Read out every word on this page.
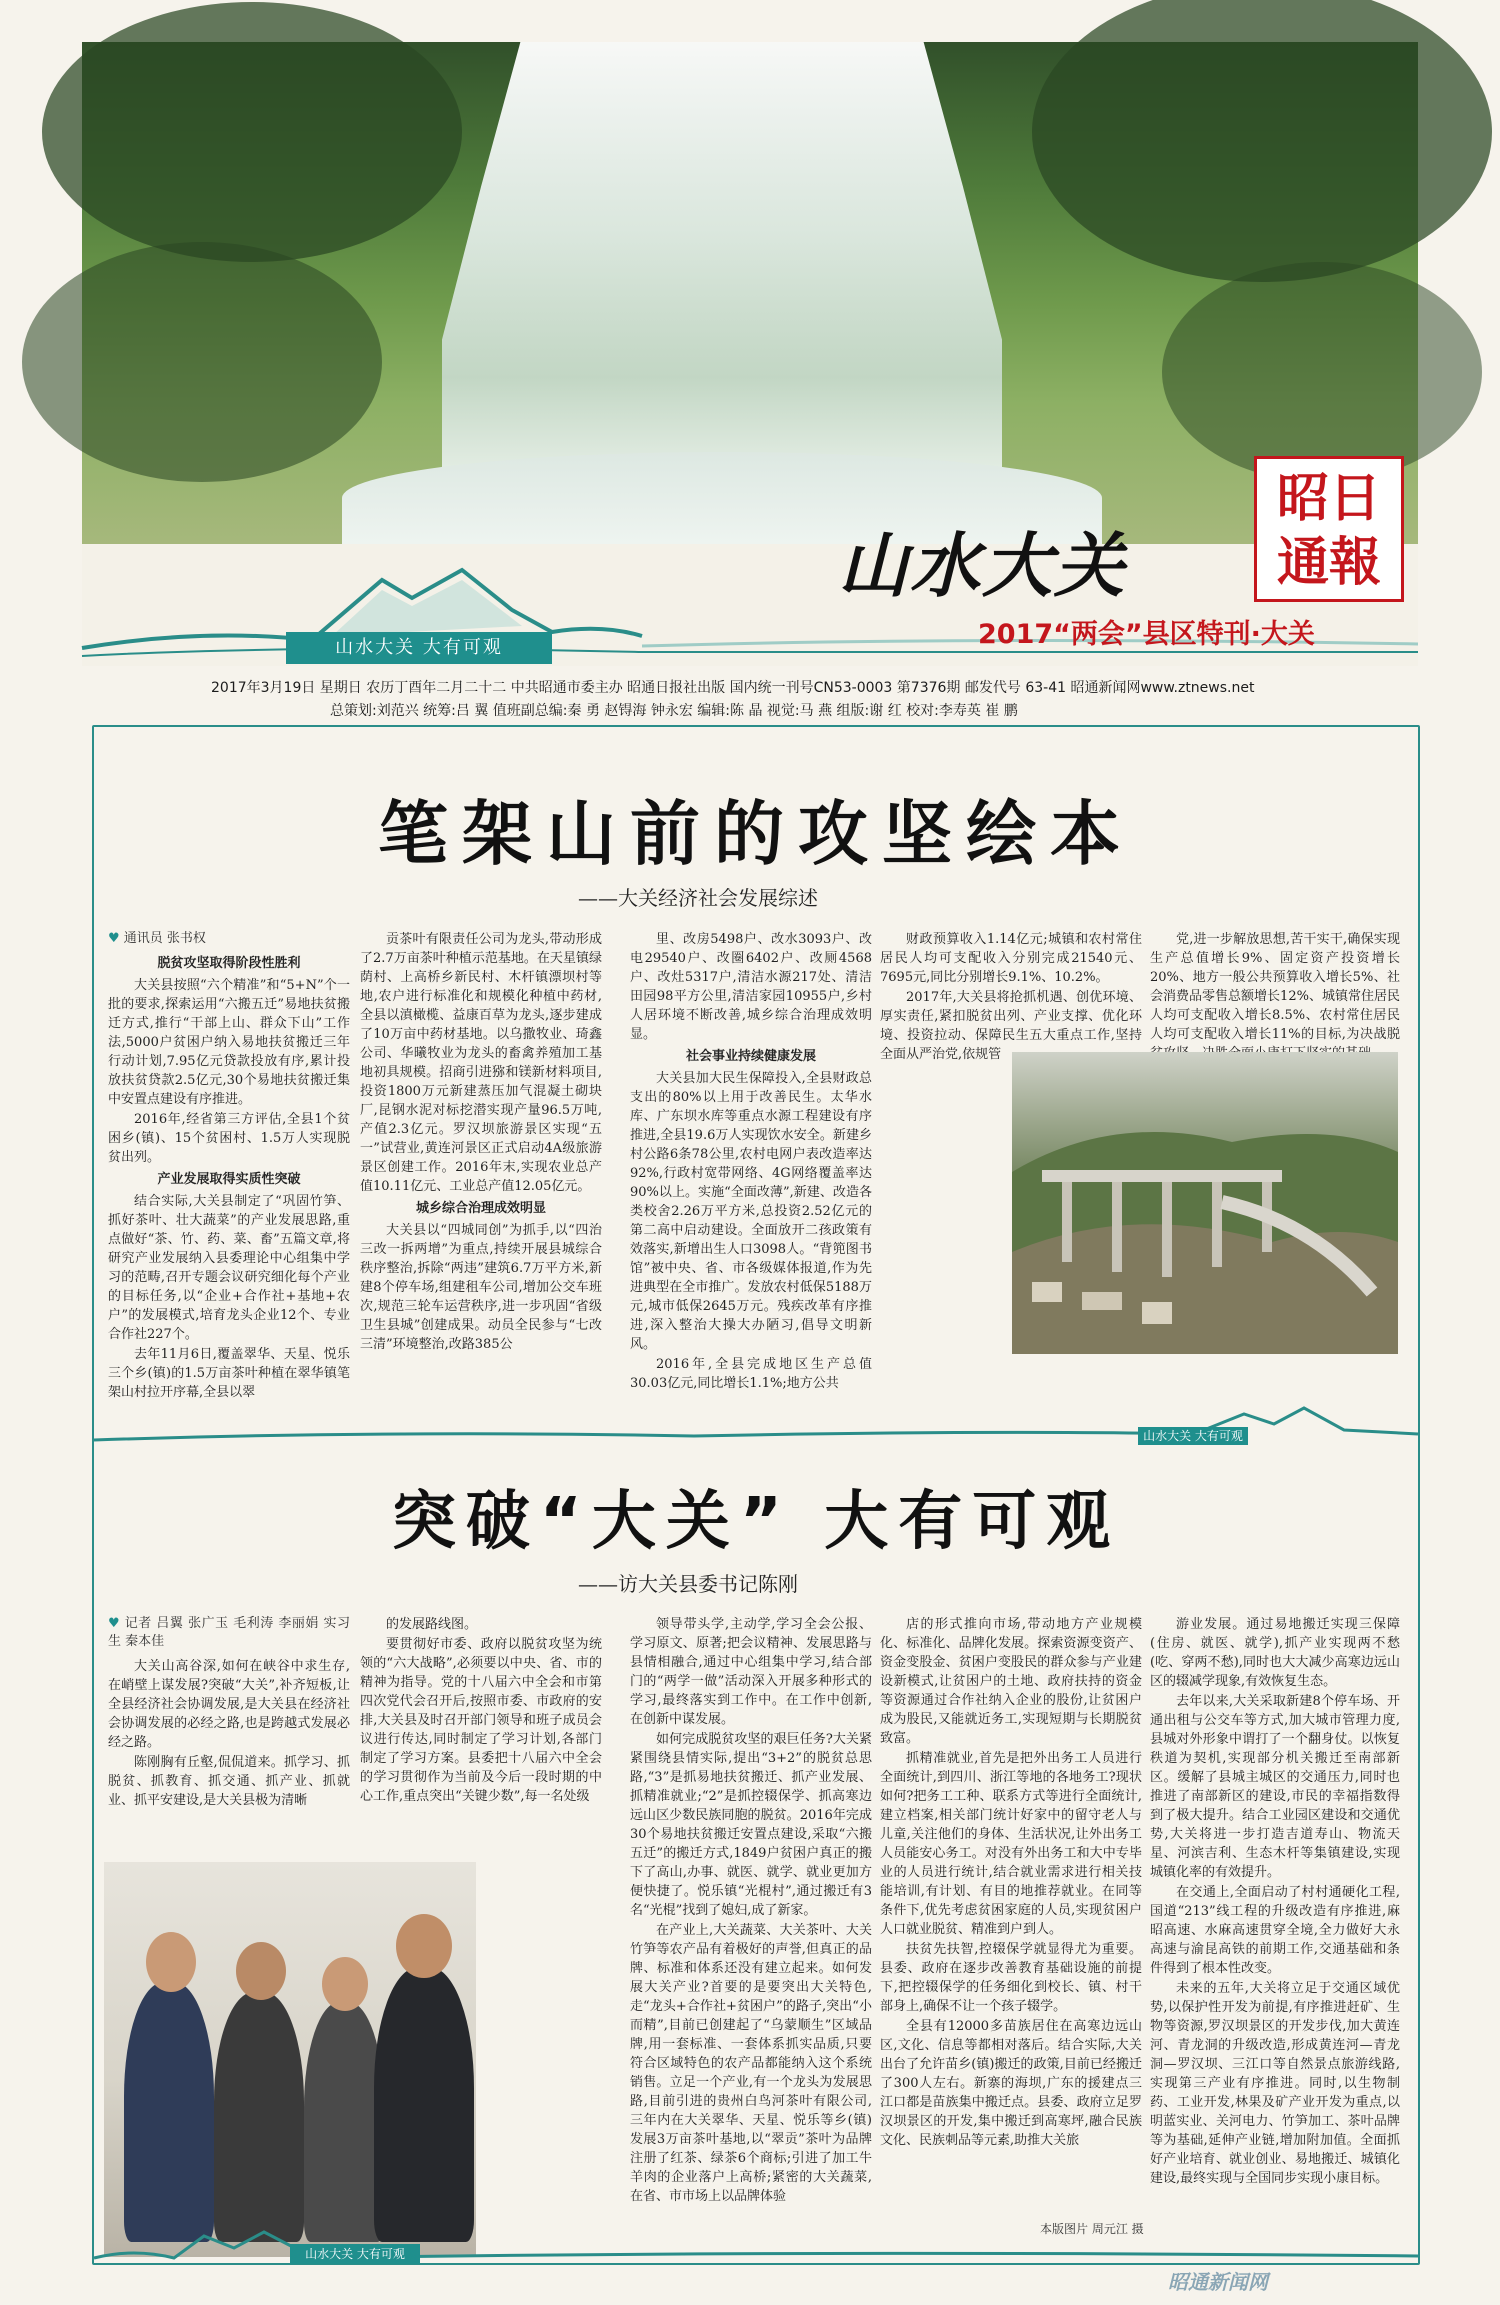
山水大关 大有可观
山水大关
昭日
通報
2017“两会”县区特刊·大关
2017年3月19日 星期日 农历丁酉年二月二十二 中共昭通市委主办 昭通日报社出版 国内统一刊号CN53-0003 第7376期 邮发代号 63-41 昭通新闻网www.ztnews.net
总策划:刘范兴 统筹:吕 翼 值班副总编:秦 勇 赵锝海 钟永宏 编辑:陈 晶 视觉:马 燕 组版:谢 红 校对:李寿英 崔 鹏
笔架山前的攻坚绘本
——大关经济社会发展综述
♥ 通讯员 张书权

脱贫攻坚取得阶段性胜利

大关县按照“六个精准”和“5+N”个一批的要求,探索运用“六搬五迁”易地扶贫搬迁方式,推行“干部上山、群众下山”工作法,5000户贫困户纳入易地扶贫搬迁三年行动计划,7.95亿元贷款投放有序,累计投放扶贫贷款2.5亿元,30个易地扶贫搬迁集中安置点建设有序推进。

2016年,经省第三方评估,全县1个贫困乡(镇)、15个贫困村、1.5万人实现脱贫出列。

产业发展取得实质性突破

结合实际,大关县制定了“巩固竹笋、抓好茶叶、壮大蔬菜”的产业发展思路,重点做好“茶、竹、药、菜、畜”五篇文章,将研究产业发展纳入县委理论中心组集中学习的范畴,召开专题会议研究细化每个产业的目标任务,以“企业+合作社+基地+农户”的发展模式,培育龙头企业12个、专业合作社227个。

去年11月6日,覆盖翠华、天星、悦乐三个乡(镇)的1.5万亩茶叶种植在翠华镇笔架山村拉开序幕,全县以翠

贡茶叶有限责任公司为龙头,带动形成了2.7万亩茶叶种植示范基地。在天星镇绿荫村、上高桥乡新民村、木杆镇漂坝村等地,农户进行标准化和规模化种植中药材,全县以滇橄榄、益康百草为龙头,逐步建成了10万亩中药材基地。以乌撒牧业、琦鑫公司、华曦牧业为龙头的畜禽养殖加工基地初具规模。招商引进猕和镁新材料项目,投资1800万元新建蒸压加气混凝土砌块厂,昆钢水泥对标挖潜实现产量96.5万吨,产值2.3亿元。罗汉坝旅游景区实现“五一”试营业,黄连河景区正式启动4A级旅游景区创建工作。2016年末,实现农业总产值10.11亿元、工业总产值12.05亿元。

城乡综合治理成效明显

大关县以“四城同创”为抓手,以“四治三改一拆两增”为重点,持续开展县城综合秩序整治,拆除“两违”建筑6.7万平方米,新建8个停车场,组建租车公司,增加公交车班次,规范三轮车运营秩序,进一步巩固“省级卫生县城”创建成果。动员全民参与“七改三清”环境整治,改路385公

里、改房5498户、改水3093户、改电29540户、改圈6402户、改厕4568户、改灶5317户,清洁水源217处、清洁田园98平方公里,清洁家园10955户,乡村人居环境不断改善,城乡综合治理成效明显。

社会事业持续健康发展

大关县加大民生保障投入,全县财政总支出的80%以上用于改善民生。太华水库、广东坝水库等重点水源工程建设有序推进,全县19.6万人实现饮水安全。新建乡村公路6条78公里,农村电网户表改造率达92%,行政村宽带网络、4G网络覆盖率达90%以上。实施“全面改薄”,新建、改造各类校舍2.26万平方米,总投资2.52亿元的第二高中启动建设。全面放开二孩政策有效落实,新增出生人口3098人。“背篼图书馆”被中央、省、市各级媒体报道,作为先进典型在全市推广。发放农村低保5188万元,城市低保2645万元。残疾改革有序推进,深入整治大操大办陋习,倡导文明新风。

2016年,全县完成地区生产总值30.03亿元,同比增长1.1%;地方公共

财政预算收入1.14亿元;城镇和农村常住居民人均可支配收入分别完成21540元、7695元,同比分别增长9.1%、10.2%。

2017年,大关县将抢抓机遇、创优环境、厚实责任,紧扣脱贫出列、产业支撑、优化环境、投资拉动、保障民生五大重点工作,坚持全面从严治党,依规管

党,进一步解放思想,苦干实干,确保实现生产总值增长9%、固定资产投资增长20%、地方一般公共预算收入增长5%、社会消费品零售总额增长12%、城镇常住居民人均可支配收入增长8.5%、农村常住居民人均可支配收入增长11%的目标,为决战脱

山水大关 大有可观
突破“大关” 大有可观
——访大关县委书记陈刚
♥ 记者 吕翼 张广玉 毛利涛 李丽娟 实习生 秦本佳

大关山高谷深,如何在峡谷中求生存,在峭壁上谋发展?突破“大关”,补齐短板,让全县经济社会协调发展,是大关县在经济社会协调发展的必经之路,也是跨越式发展必经之路。

陈刚胸有丘壑,侃侃道来。抓学习、抓脱贫、抓教育、抓交通、抓产业、抓就业、抓平安建设,是大关县极为清晰

的发展路线图。

要贯彻好市委、政府以脱贫攻坚为统领的“六大战略”,必须要以中央、省、市的精神为指导。党的十八届六中全会和市第四次党代会召开后,按照市委、市政府的安排,大关县及时召开部门领导和班子成员会议进行传达,同时制定了学习计划,各部门制定了学习方案。县委把十八届六中全会的学习贯彻作为当前及今后一段时期的中心工作,重点突出“关键少数”,每一名处级

领导带头学,主动学,学习全会公报、学习原文、原著;把会议精神、发展思路与县情相融合,通过中心组集中学习,结合部门的“两学一做”活动深入开展多种形式的学习,最终落实到工作中。在工作中创新,在创新中谋发展。

如何完成脱贫攻坚的艰巨任务?大关紧紧围绕县情实际,提出“3+2”的脱贫总思路,“3”是抓易地扶贫搬迁、抓产业发展、抓精准就业;“2”是抓控辍保学、抓高寒边远山区少数民族同胞的脱贫。2016年完成30个易地扶贫搬迁安置点建设,采取“六搬五迁”的搬迁方式,1849户贫困户真正的搬下了高山,办事、就医、就学、就业更加方便快捷了。悦乐镇“光棍村”,通过搬迁有3名“光棍”找到了媳妇,成了新家。

在产业上,大关蔬菜、大关茶叶、大关竹笋等农产品有着极好的声誉,但真正的品牌、标准和体系还没有建立起来。如何发展大关产业?首要的是要突出大关特色,走“龙头+合作社+贫困户”的路子,突出“小而精”,目前已创建起了“乌蒙顺生”区域品牌,用一套标准、一套体系抓实品质,只要符合区域特色的农产品都能纳入这个系统销售。立足一个产业,有一个龙头为发展思路,目前引进的贵州白鸟河茶叶有限公司,三年内在大关翠华、天星、悦乐等乡(镇)发展3万亩茶叶基地,以“翠贡”茶叶为品牌注册了红茶、绿茶6个商标;引进了加工牛羊肉的企业落户上高桥;紧密的大关蔬菜,在省、市市场上以品牌体验

店的形式推向市场,带动地方产业规模化、标准化、品牌化发展。探索资源变资产、资金变股金、贫困户变股民的群众参与产业建设新模式,让贫困户的土地、政府扶持的资金等资源通过合作社纳入企业的股份,让贫困户成为股民,又能就近务工,实现短期与长期脱贫致富。

抓精准就业,首先是把外出务工人员进行全面统计,到四川、浙江等地的各地务工?现状如何?把务工工种、联系方式等进行全面统计,建立档案,相关部门统计好家中的留守老人与儿童,关注他们的身体、生活状况,让外出务工人员能安心务工。对没有外出务工和大中专毕业的人员进行统计,结合就业需求进行相关技能培训,有计划、有目的地推荐就业。在同等条件下,优先考虑贫困家庭的人员,实现贫困户人口就业脱贫、精准到户到人。

扶贫先扶智,控辍保学就显得尤为重要。县委、政府在逐步改善教育基础设施的前提下,把控辍保学的任务细化到校长、镇、村干部身上,确保不让一个孩子辍学。

全县有12000多苗族居住在高寒边远山区,文化、信息等都相对落后。结合实际,大关出台了允许苗乡(镇)搬迁的政策,目前已经搬迁了300人左右。新寨的海坝,广东的援建点三江口都是苗族集中搬迁点。县委、政府立足罗汉坝景区的开发,集中搬迁到高寒坪,融合民族文化、民族刺品等元素,助推大关旅

游业发展。通过易地搬迁实现三保障(住房、就医、就学),抓产业实现两不愁(吃、穿两不愁),同时也大大减少高寒边远山区的辍减学现象,有效恢复生态。

去年以来,大关采取新建8个停车场、开通出租与公交车等方式,加大城市管理力度,县城对外形象中谓打了一个翻身仗。以恢复秩道为契机,实现部分机关搬迁至南部新区。缓解了县城主城区的交通压力,同时也推进了南部新区的建设,市民的幸福指数得到了极大提升。结合工业园区建设和交通优势,大关将进一步打造吉道寿山、物流天星、河滨吉利、生态木杆等集镇建设,实现城镇化率的有效提升。

在交通上,全面启动了村村通硬化工程,国道“213”线工程的升级改造有序推进,麻昭高速、水麻高速贯穿全境,全力做好大永高速与渝昆高铁的前期工作,交通基础和条件得到了根本性改变。

未来的五年,大关将立足于交通区域优势,以保护性开发为前提,有序推进赶矿、生物等资源,罗汉坝景区的开发步伐,加大黄连河、青龙洞的升级改造,形成黄连河—青龙洞—罗汉坝、三江口等自然景点旅游线路,实现第三产业有序推进。同时,以生物制药、工业开发,林果及矿产业开发为重点,以明蓝实业、关河电力、竹笋加工、茶叶品牌等为基础,延伸产业链,增加附加值。全面抓好产业培育、就业创业、易地搬迁、城镇化建设,最终实现与全国同步实现小康目标。

本版图片 周元江 摄
山水大关 大有可观
昭通新闻网
